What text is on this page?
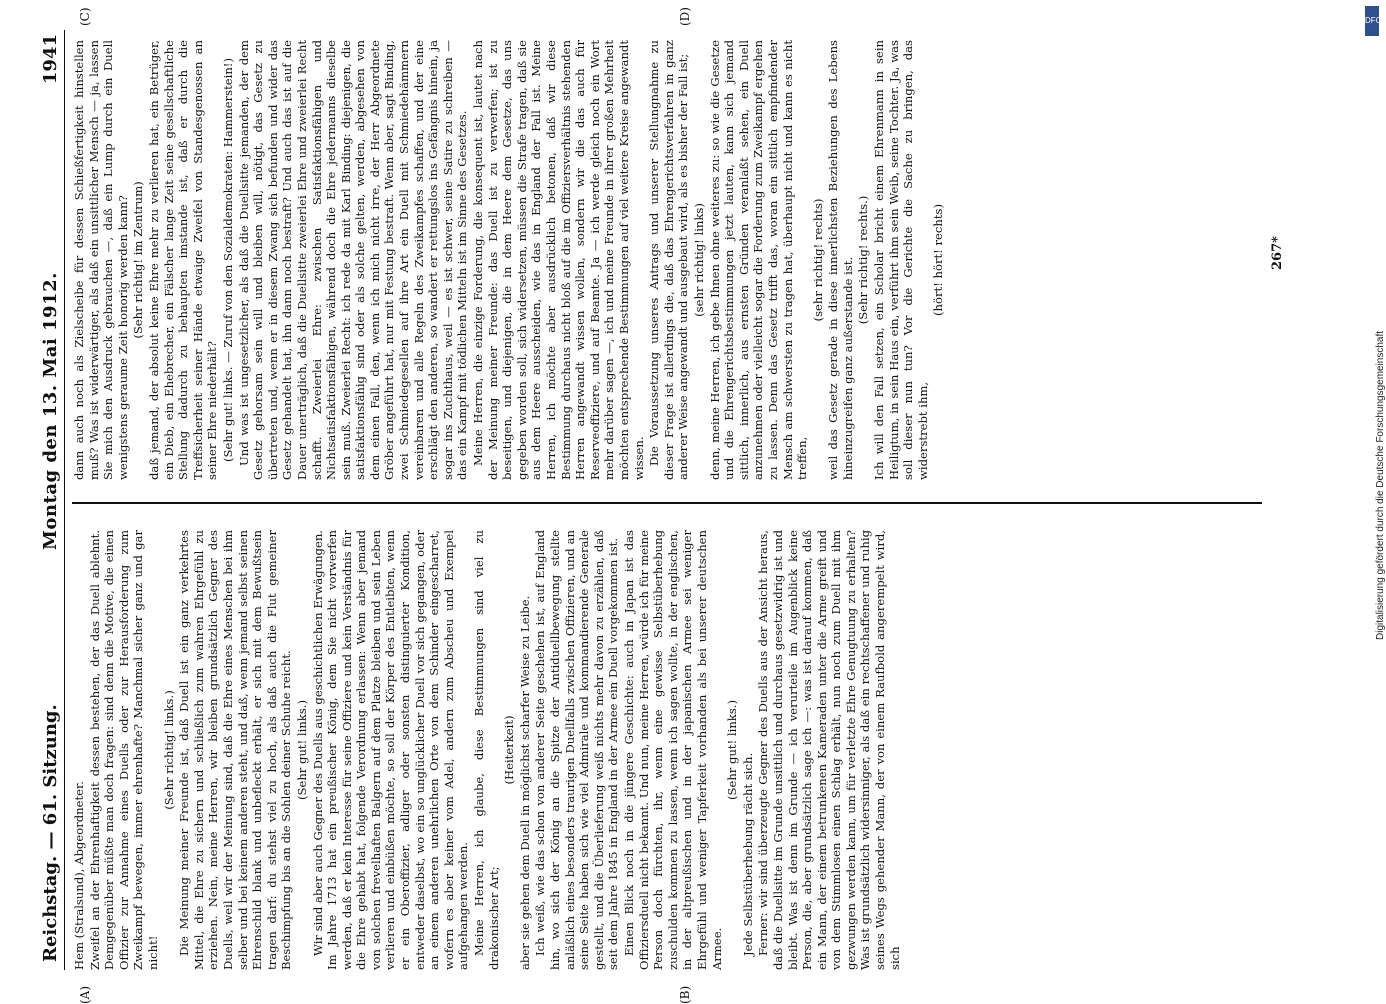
Reichstag. — 61. Sitzung.
Montag den 13. Mai 1912.
1941
(A)	(B)
(C)	(D)

Hem (Stralsund), Abgeordneter. Zweifel an der Ehrenhaftigkeit dessen bestehen, der das Duell ablehnt. Demgegenüber müßte man doch fragen: sind denn die Motive, die einen Offizier zur Annahme eines Duells oder zur Herausforderung zum Zweikampf bewegen, immer ehrenhafte? Manchmal sicher ganz und gar nicht!

(Sehr richtig! links.) Die Meinung meiner Freunde ist, daß Duell ist ein ganz verkehrtes Mittel, die Ehre zu sichern und schließlich zum wahren Ehrgefühl zu erziehen. Nein, meine Herren, wir bleiben grundsätzlich Gegner des Duells, weil wir der Meinung sind, daß die Ehre eines Menschen bei ihm selber und bei keinem anderen steht, und daß, wenn jemand selbst seinen Ehrenschild blank und unbefleckt erhält, er sich mit dem Bewußtsein tragen darf: du stehst viel zu hoch, als daß auch die Flut gemeiner Beschimpfung bis an die Sohlen deiner Schuhe reicht. (Sehr gut! links.) Wir sind aber auch Gegner des Duells aus geschichtlichen Erwägungen. Im Jahre 1713 hat ein preußischer König, dem Sie nicht vorwerfen werden, daß er kein Interesse für seine Offiziere und kein Verständnis für die Ehre gehabt hat, folgende Verordnung erlassen: Wenn aber jemand von solchen frevelhaften Balgern auf dem Platze bleiben und sein Leben verlieren und einbüßen möchte, so soll der Körper des Entleibten, wenn er ein Oberoffizier, adliger oder sonsten distinguierter Kondition, entweder daselbst, wo ein so unglücklicher Duell vor sich gegangen, oder an einem anderen unehrlichen Orte von dem Schinder eingescharret, wofern es aber keiner vom Adel, andern zum Abscheu und Exempel aufgehangen werden. Meine Herren, ich glaube, diese Bestimmungen sind viel zu drakonischer Art;

(Heiterkeit) aber sie gehen dem Duell in möglichst scharfer Weise zu Leibe. Ich weiß, wie das schon von anderer Seite geschehen ist, auf England hin, wo sich der König an die Spitze der Antiduellbewegung stellte anläßlich eines besonders traurigen Duellfalls zwischen Offizieren, und an seine Seite haben sich wie viel Admirale und kommandierende Generale gestellt, und die Überlieferung weiß nichts mehr davon zu erzählen, daß seit dem Jahre 1845 in England in der Armee ein Duell vorgekommen ist. Einen Blick noch in die jüngere Geschichte: auch in Japan ist das Offiziersduell nicht bekannt. Und nun, meine Herren, würde ich für meine Person doch fürchten, ihr, wenn eine gewisse Selbstüberhebung zuschulden kommen zu lassen, wenn ich sagen wollte, in der englischen, in der altpreußischen und in der japanischen Armee sei weniger Ehrgefühl und weniger Tapferkeit vorhanden als bei unserer deutschen Armee.

(Sehr gut! links.)

Jede Selbstüberhebung rächt sich. Ferner: wir sind überzeugte Gegner des Duells aus der Ansicht heraus, daß die Duellsitte im Grunde unsittlich und durchaus gesetzwidrig ist und bleibt. Was ist denn im Grunde — ich verurteile im Augenblick keine Person, die, aber grundsätzlich sage ich —: was ist darauf kommen, daß ein Mann, der einem betrunkenen Kameraden unter die Arme greift und von dem Stimmlosen einen Schlag erhält, nun noch zum Duell mit ihm gezwungen werden kann, um für verletzte Ehre Genugtuung zu erhalten? Was ist grundsätzlich widersinniger, als daß ein rechtschaffener und ruhig seines Wegs gehender Mann, der von einem Raufbold angerempelt wird, sich

dann auch noch als Zielscheibe für dessen Schießfertigkeit hinstellen muß? Was ist widerwärtiger, als daß ein unsittlicher Mensch — ja, lassen Sie mich den Ausdruck gebrauchen —, daß ein Lump durch ein Duell wenigstens geraume Zeit honorig werden kann? (Sehr richtig! im Zentrum) daß jemand, der absolut keine Ehre mehr zu verlieren hat, ein Betrüger, ein Dieb, ein Ehebrecher, ein Fälscher lange Zeit seine gesellschaftliche Stellung dadurch zu behaupten imstande ist, daß er durch die Treffsicherheit seiner Hände etwaige Zweifel von Standesgenossen an seiner Ehre niederhält? (Sehr gut! links. — Zuruf von den Sozialdemokraten: Hammerstein!) Und was ist ungesetzlicher, als daß die Duellsitte jemanden, der dem Gesetz gehorsam sein will und bleiben will, nötigt, das Gesetz zu übertreten und, wenn er in diesem Zwang sich befunden und wider das Gesetz gehandelt hat, ihn dann noch bestraft? Und auch das ist auf die Dauer unerträglich, daß die Duellsitte zweierlei Ehre und zweierlei Recht schafft. Zweierlei Ehre: zwischen Satisfaktionsfähigen und Nichtsatisfaktionsfähigen, während doch die Ehre jedermanns dieselbe sein muß. Zweierlei Recht: ich rede da mit Karl Binding: diejenigen, die satisfaktionsfähig sind oder als solche gelten, werden, abgesehen von dem einen Fall, den, wenn ich mich nicht irre, der Herr Abgeordnete Gröber angeführt hat, nur mit Festung bestraft. Wenn aber, sagt Binding, zwei Schmiedegesellen auf ihre Art ein Duell mit Schmiedehämmern vereinbaren und alle Regeln des Zweikampfes schaffen, und der eine erschlägt den anderen, so wandert er rettungslos ins Gefängnis hinein, ja sogar ins Zuchthaus, weil — es ist schwer, seine Satire zu schreiben — das ein Kampf mit tödlichen Mitteln ist im Sinne des Gesetzes. Meine Herren, die einzige Forderung, die konsequent ist, lautet nach der Meinung meiner Freunde: das Duell ist zu verwerfen; ist zu beseitigen, und diejenigen, die in dem Heere dem Gesetze, das uns gegeben worden soll, sich widersetzen, müssen die Strafe tragen, daß sie aus dem Heere ausscheiden, wie das in England der Fall ist. Meine Herren, ich möchte aber ausdrücklich betonen, daß wir diese Bestimmung durchaus nicht bloß auf die im Offiziersverhältnis stehenden Herren angewandt wissen wollen, sondern wir die das auch für Reserveoffiziere, und auf Beamte. Ja — ich werde gleich noch ein Wort mehr darüber sagen —, ich und meine Freunde in ihrer großen Mehrheit möchten entsprechende Bestimmungen auf viel weitere Kreise angewandt wissen. Die Voraussetzung unseres Antrags und unserer Stellungnahme zu dieser Frage ist allerdings die, daß das Ehrengerichtsverfahren in ganz anderer Weise angewandt und ausgebaut wird, als es bisher der Fall ist; (sehr richtig! links) denn, meine Herren, ich gebe Ihnen ohne weiteres zu: so wie die Gesetze und die Ehrengerichtsbestimmungen jetzt lauten, kann sich jemand sittlich, innerlich, aus ernsten Gründen veranlaßt sehen, ein Duell anzunehmen oder vielleicht sogar die Forderung zum Zweikampf ergehen zu lassen. Denn das Gesetz trifft das, woran ein sittlich empfindender Mensch am schwersten zu tragen hat, überhaupt nicht und kann es nicht treffen,

(sehr richtig! rechts) weil das Gesetz gerade in diese innerlichsten Beziehungen des Lebens hineinzugreifen ganz außerstande ist. (Sehr richtig! rechts.) Ich will den Fall setzen, ein Scholar bricht einem Ehrenmann in sein Heiligtum, in sein Haus ein, verführt ihm sein Weib, seine Tochter. Ja, was soll dieser nun tun? Vor die Gerichte die Sache zu bringen, das widerstrebt ihm,

(hört! hört! rechts)	267*
DFG
Digitalisierung gefördert durch die Deutsche Forschungsgemeinschaft
